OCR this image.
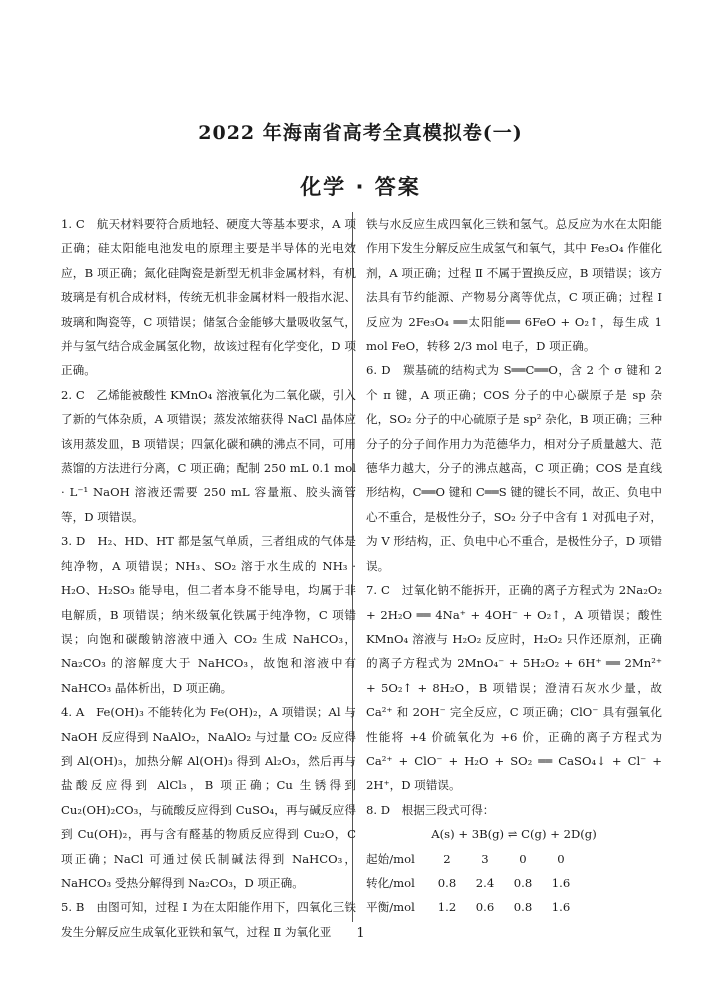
2022 年海南省高考全真模拟卷(一)
化学 · 答案

1. C　航天材料要符合质地轻、硬度大等基本要求，A 项正确；硅太阳能电池发电的原理主要是半导体的光电效应，B 项正确；氮化硅陶瓷是新型无机非金属材料，有机玻璃是有机合成材料，传统无机非金属材料一般指水泥、玻璃和陶瓷等，C 项错误；储氢合金能够大量吸收氢气，并与氢气结合成金属氢化物，故该过程有化学变化，D 项正确。

2. C　乙烯能被酸性 KMnO₄ 溶液氧化为二氧化碳，引入了新的气体杂质，A 项错误；蒸发浓缩获得 NaCl 晶体应该用蒸发皿，B 项错误；四氯化碳和碘的沸点不同，可用蒸馏的方法进行分离，C 项正确；配制 250 mL 0.1 mol · L⁻¹ NaOH 溶液还需要 250 mL 容量瓶、胶头滴管等，D 项错误。

3. D　H₂、HD、HT 都是氢气单质，三者组成的气体是纯净物，A 项错误；NH₃、SO₂ 溶于水生成的 NH₃ · H₂O、H₂SO₃ 能导电，但二者本身不能导电，均属于非电解质，B 项错误；纳米级氧化铁属于纯净物，C 项错误；向饱和碳酸钠溶液中通入 CO₂ 生成 NaHCO₃，Na₂CO₃ 的溶解度大于 NaHCO₃，故饱和溶液中有 NaHCO₃ 晶体析出，D 项正确。

4. A　Fe(OH)₃ 不能转化为 Fe(OH)₂，A 项错误；Al 与 NaOH 反应得到 NaAlO₂，NaAlO₂ 与过量 CO₂ 反应得到 Al(OH)₃，加热分解 Al(OH)₃ 得到 Al₂O₃，然后再与盐酸反应得到 AlCl₃，B 项正确；Cu 生锈得到 Cu₂(OH)₂CO₃，与硫酸反应得到 CuSO₄，再与碱反应得到 Cu(OH)₂，再与含有醛基的物质反应得到 Cu₂O，C 项正确；NaCl 可通过侯氏制碱法得到 NaHCO₃，NaHCO₃ 受热分解得到 Na₂CO₃，D 项正确。

5. B　由图可知，过程 Ⅰ 为在太阳能作用下，四氧化三铁发生分解反应生成氧化亚铁和氧气，过程 Ⅱ 为氧化亚

铁与水反应生成四氧化三铁和氢气。总反应为水在太阳能作用下发生分解反应生成氢气和氧气，其中 Fe₃O₄ 作催化剂，A 项正确；过程 Ⅱ 不属于置换反应，B 项错误；该方法具有节约能源、产物易分离等优点，C 项正确；过程 Ⅰ 反应为 2Fe₃O₄ ══太阳能══ 6FeO + O₂↑，每生成 1 mol FeO，转移 2/3 mol 电子，D 项正确。

6. D　羰基硫的结构式为 S══C══O，含 2 个 σ 键和 2 个 π 键，A 项正确；COS 分子的中心碳原子是 sp 杂化，SO₂ 分子的中心硫原子是 sp² 杂化，B 项正确；三种分子的分子间作用力为范德华力，相对分子质量越大、范德华力越大，分子的沸点越高，C 项正确；COS 是直线形结构，C══O 键和 C══S 键的键长不同，故正、负电中心不重合，是极性分子，SO₂ 分子中含有 1 对孤电子对，为 V 形结构，正、负电中心不重合，是极性分子，D 项错误。

7. C　过氧化钠不能拆开，正确的离子方程式为 2Na₂O₂ + 2H₂O ══ 4Na⁺ + 4OH⁻ + O₂↑，A 项错误；酸性 KMnO₄ 溶液与 H₂O₂ 反应时，H₂O₂ 只作还原剂，正确的离子方程式为 2MnO₄⁻ + 5H₂O₂ + 6H⁺ ══ 2Mn²⁺ + 5O₂↑ + 8H₂O，B 项错误；澄清石灰水少量，故 Ca²⁺ 和 2OH⁻ 完全反应，C 项正确；ClO⁻ 具有强氧化性能将 +4 价硫氧化为 +6 价，正确的离子方程式为 Ca²⁺ + ClO⁻ + H₂O + SO₂ ══ CaSO₄↓ + Cl⁻ + 2H⁺，D 项错误。

8. D　根据三段式可得：

A(s) + 3B(g) ⇌ C(g) + 2D(g)
起始/mol	2	3	0	0
转化/mol	0.8	2.4	0.8	1.6
平衡/mol	1.2	0.6	0.8	1.6
1
